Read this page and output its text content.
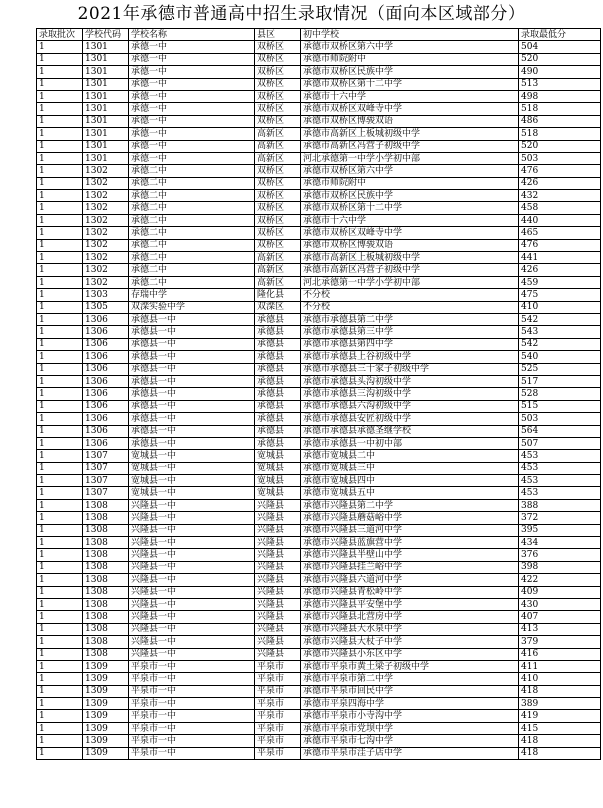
2021年承德市普通高中招生录取情况（面向本区域部分）
录取批次	学校代码	学校名称	县区	初中学校	录取最低分
1	1301	承德一中	双桥区	承德市双桥区第六中学	504
1	1301	承德一中	双桥区	承德市师院附中	520
1	1301	承德一中	双桥区	承德市双桥区民族中学	490
1	1301	承德一中	双桥区	承德市双桥区第十二中学	513
1	1301	承德一中	双桥区	承德市十六中学	498
1	1301	承德一中	双桥区	承德市双桥区双峰寺中学	518
1	1301	承德一中	双桥区	承德市双桥区博骏双语	486
1	1301	承德一中	高新区	承德市高新区上板城初级中学	518
1	1301	承德一中	高新区	承德市高新区冯营子初级中学	520
1	1301	承德一中	高新区	河北承德第一中学小学初中部	503
1	1302	承德二中	双桥区	承德市双桥区第六中学	476
1	1302	承德二中	双桥区	承德市师院附中	426
1	1302	承德二中	双桥区	承德市双桥区民族中学	432
1	1302	承德二中	双桥区	承德市双桥区第十二中学	458
1	1302	承德二中	双桥区	承德市十六中学	440
1	1302	承德二中	双桥区	承德市双桥区双峰寺中学	465
1	1302	承德二中	双桥区	承德市双桥区博骏双语	476
1	1302	承德二中	高新区	承德市高新区上板城初级中学	441
1	1302	承德二中	高新区	承德市高新区冯营子初级中学	426
1	1302	承德二中	高新区	河北承德第一中学小学初中部	459
1	1303	存瑞中学	隆化县	不分校	475
1	1305	双滦实验中学	双滦区	不分校	410
1	1306	承德县一中	承德县	承德市承德县第二中学	542
1	1306	承德县一中	承德县	承德市承德县第三中学	543
1	1306	承德县一中	承德县	承德市承德县第四中学	542
1	1306	承德县一中	承德县	承德市承德县上谷初级中学	540
1	1306	承德县一中	承德县	承德市承德县三十家子初级中学	525
1	1306	承德县一中	承德县	承德市承德县头沟初级中学	517
1	1306	承德县一中	承德县	承德市承德县三沟初级中学	528
1	1306	承德县一中	承德县	承德市承德县六沟初级中学	515
1	1306	承德县一中	承德县	承德市承德县安匠初级中学	503
1	1306	承德县一中	承德县	承德市承德县承德圣继学校	564
1	1306	承德县一中	承德县	承德市承德县一中初中部	507
1	1307	宽城县一中	宽城县	承德市宽城县二中	453
1	1307	宽城县一中	宽城县	承德市宽城县三中	453
1	1307	宽城县一中	宽城县	承德市宽城县四中	453
1	1307	宽城县一中	宽城县	承德市宽城县五中	453
1	1308	兴隆县一中	兴隆县	承德市兴隆县第二中学	388
1	1308	兴隆县一中	兴隆县	承德市兴隆县蘑菇峪中学	372
1	1308	兴隆县一中	兴隆县	承德市兴隆县三道河中学	395
1	1308	兴隆县一中	兴隆县	承德市兴隆县蓝旗营中学	434
1	1308	兴隆县一中	兴隆县	承德市兴隆县半壁山中学	376
1	1308	兴隆县一中	兴隆县	承德市兴隆县挂兰峪中学	398
1	1308	兴隆县一中	兴隆县	承德市兴隆县六道河中学	422
1	1308	兴隆县一中	兴隆县	承德市兴隆县青松岭中学	409
1	1308	兴隆县一中	兴隆县	承德市兴隆县平安堡中学	430
1	1308	兴隆县一中	兴隆县	承德市兴隆县北营房中学	407
1	1308	兴隆县一中	兴隆县	承德市兴隆县大水泉中学	413
1	1308	兴隆县一中	兴隆县	承德市兴隆县大杖子中学	379
1	1308	兴隆县一中	兴隆县	承德市兴隆县小东区中学	416
1	1309	平泉市一中	平泉市	承德市平泉市黄土梁子初级中学	411
1	1309	平泉市一中	平泉市	承德市平泉市第二中学	410
1	1309	平泉市一中	平泉市	承德市平泉市回民中学	418
1	1309	平泉市一中	平泉市	承德市平泉四海中学	389
1	1309	平泉市一中	平泉市	承德市平泉市小寺沟中学	419
1	1309	平泉市一中	平泉市	承德市平泉市党坝中学	415
1	1309	平泉市一中	平泉市	承德市平泉市七沟中学	418
1	1309	平泉市一中	平泉市	承德市平泉市洼子店中学	418
